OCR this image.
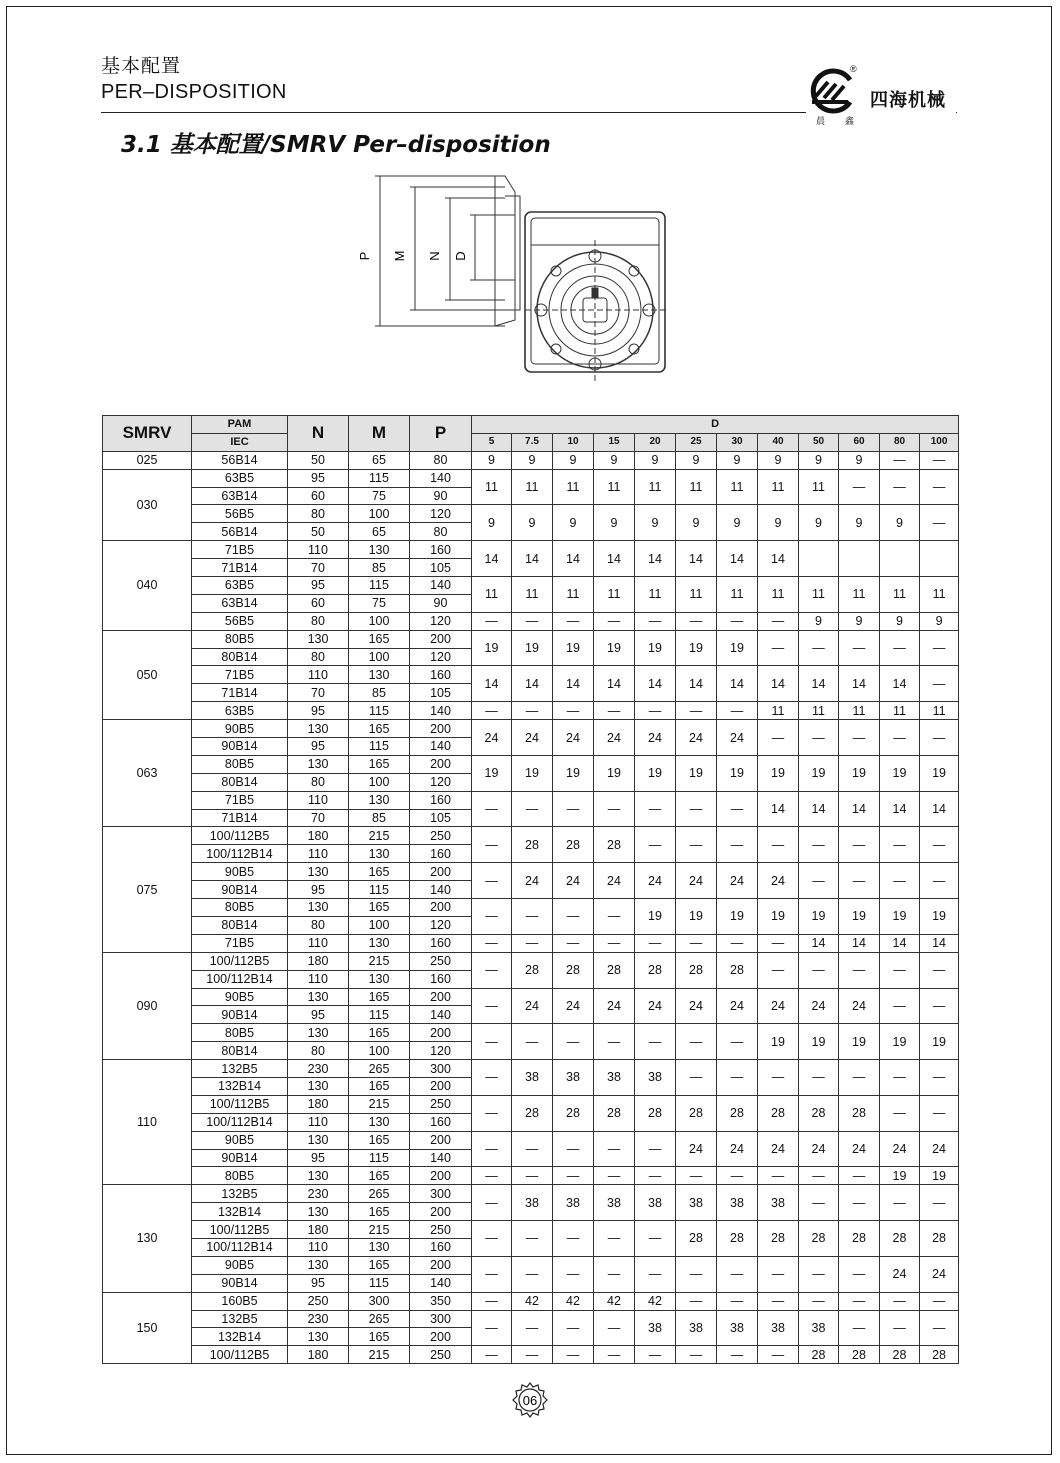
基本配置
PER–DISPOSITION
®
四海机械
晨 鑫
3.1 基本配置/SMRV Per–disposition
P M N D
SMRV	PAM	N	M	P	D											
	IEC				5	7.5	10	15	20	25	30	40	50	60	80	100
025	56B14	50	65	80	9	9	9	9	9	9	9	9	9	9	—	—
030	63B5	95	115	140	11	11	11	11	11	11	11	11	11	—	—	—
	63B14	60	75	90												
	56B5	80	100	120	9	9	9	9	9	9	9	9	9	9	9	—
	56B14	50	65	80												
040	71B5	110	130	160	14	14	14	14	14	14	14	14				
	71B14	70	85	105												
	63B5	95	115	140	11	11	11	11	11	11	11	11	11	11	11	11
	63B14	60	75	90												
	56B5	80	100	120	—	—	—	—	—	—	—	—	9	9	9	9
050	80B5	130	165	200	19	19	19	19	19	19	19	—	—	—	—	—
	80B14	80	100	120												
	71B5	110	130	160	14	14	14	14	14	14	14	14	14	14	14	—
	71B14	70	85	105												
	63B5	95	115	140	—	—	—	—	—	—	—	11	11	11	11	11
063	90B5	130	165	200	24	24	24	24	24	24	24	—	—	—	—	—
	90B14	95	115	140												
	80B5	130	165	200	19	19	19	19	19	19	19	19	19	19	19	19
	80B14	80	100	120												
	71B5	110	130	160	—	—	—	—	—	—	—	14	14	14	14	14
	71B14	70	85	105												
075	100/112B5	180	215	250	—	28	28	28	—	—	—	—	—	—	—	—
	100/112B14	110	130	160												
	90B5	130	165	200	—	24	24	24	24	24	24	24	—	—	—	—
	90B14	95	115	140												
	80B5	130	165	200	—	—	—	—	19	19	19	19	19	19	19	19
	80B14	80	100	120												
	71B5	110	130	160	—	—	—	—	—	—	—	—	14	14	14	14
090	100/112B5	180	215	250	—	28	28	28	28	28	28	—	—	—	—	—
	100/112B14	110	130	160												
	90B5	130	165	200	—	24	24	24	24	24	24	24	24	24	—	—
	90B14	95	115	140												
	80B5	130	165	200	—	—	—	—	—	—	—	19	19	19	19	19
	80B14	80	100	120												
110	132B5	230	265	300	—	38	38	38	38	—	—	—	—	—	—	—
	132B14	130	165	200												
	100/112B5	180	215	250	—	28	28	28	28	28	28	28	28	28	—	—
	100/112B14	110	130	160												
	90B5	130	165	200	—	—	—	—	—	24	24	24	24	24	24	24
	90B14	95	115	140												
	80B5	130	165	200	—	—	—	—	—	—	—	—	—	—	19	19
130	132B5	230	265	300	—	38	38	38	38	38	38	38	—	—	—	—
	132B14	130	165	200												
	100/112B5	180	215	250	—	—	—	—	—	28	28	28	28	28	28	28
	100/112B14	110	130	160												
	90B5	130	165	200	—	—	—	—	—	—	—	—	—	—	24	24
	90B14	95	115	140												
150	160B5	250	300	350	—	42	42	42	42	—	—	—	—	—	—	—
	132B5	230	265	300	—	—	—	—	38	38	38	38	38	—	—	—
	132B14	130	165	200												
	100/112B5	180	215	250	—	—	—	—	—	—	—	—	28	28	28	28
06
